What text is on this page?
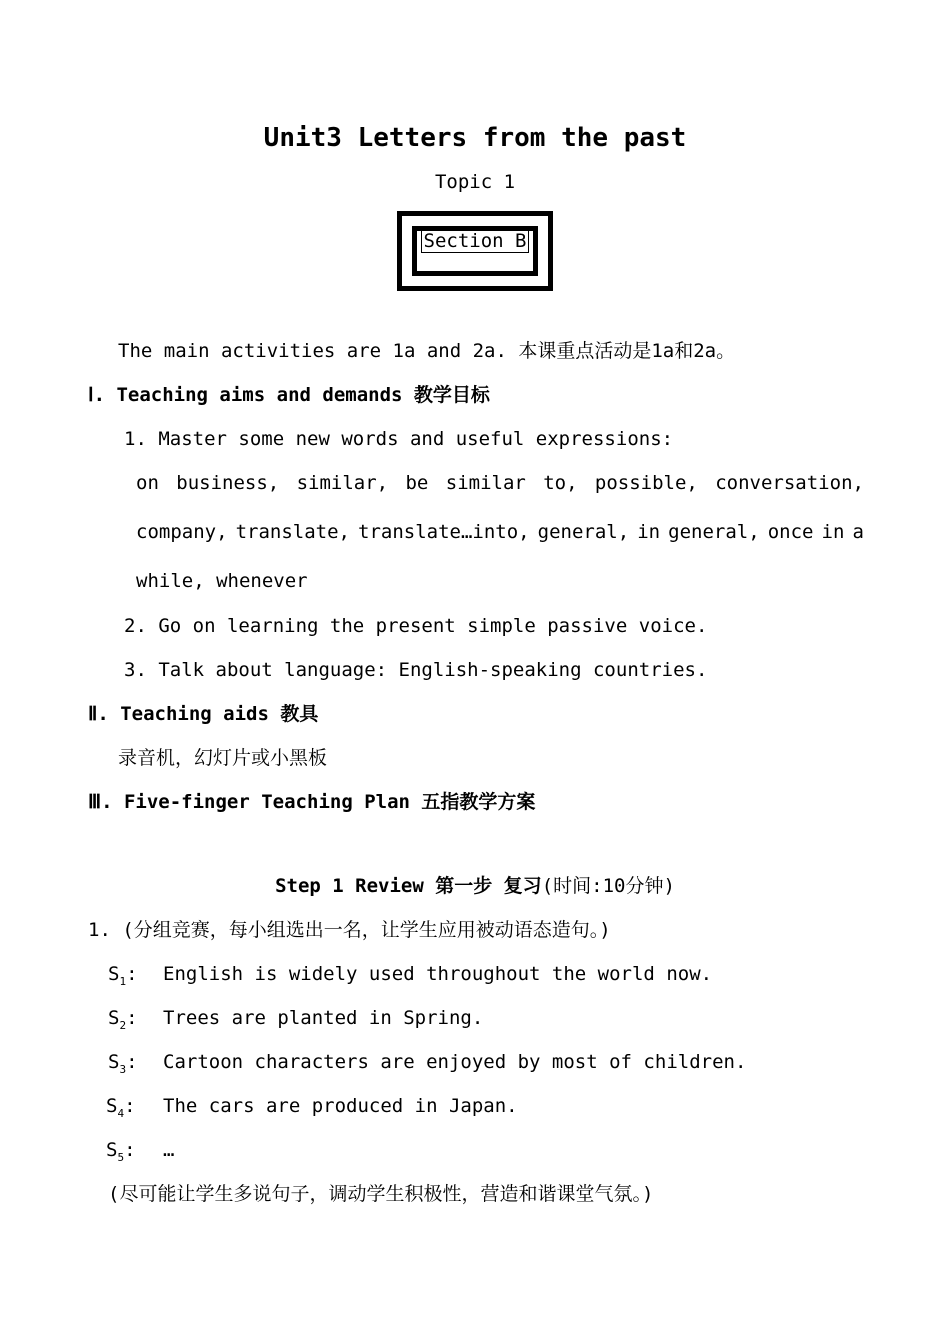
Unit3 Letters from the past
Topic 1
Section B
The main activities are 1a and 2a. 本课重点活动是1a和2a。
Ⅰ. Teaching aims and demands 教学目标
1. Master some new words and useful expressions:
on business, similar, be similar to, possible, conversation,
company, translate, translate…into, general, in general, once in a
while, whenever
2. Go on learning the present simple passive voice.
3. Talk about language: English-speaking countries.
Ⅱ. Teaching aids 教具
录音机，幻灯片或小黑板
Ⅲ. Five-finger Teaching Plan 五指教学方案
Step 1 Review 第一步 复习(时间:10分钟)
1. (分组竞赛，每小组选出一名，让学生应用被动语态造句。)
$S_1$: English is widely used throughout the world now.
$S_2$: Trees are planted in Spring.
$S_3$: Cartoon characters are enjoyed by most of children.
$S_4$: The cars are produced in Japan.
$S_5$: …
(尽可能让学生多说句子，调动学生积极性，营造和谐课堂气氛。)
